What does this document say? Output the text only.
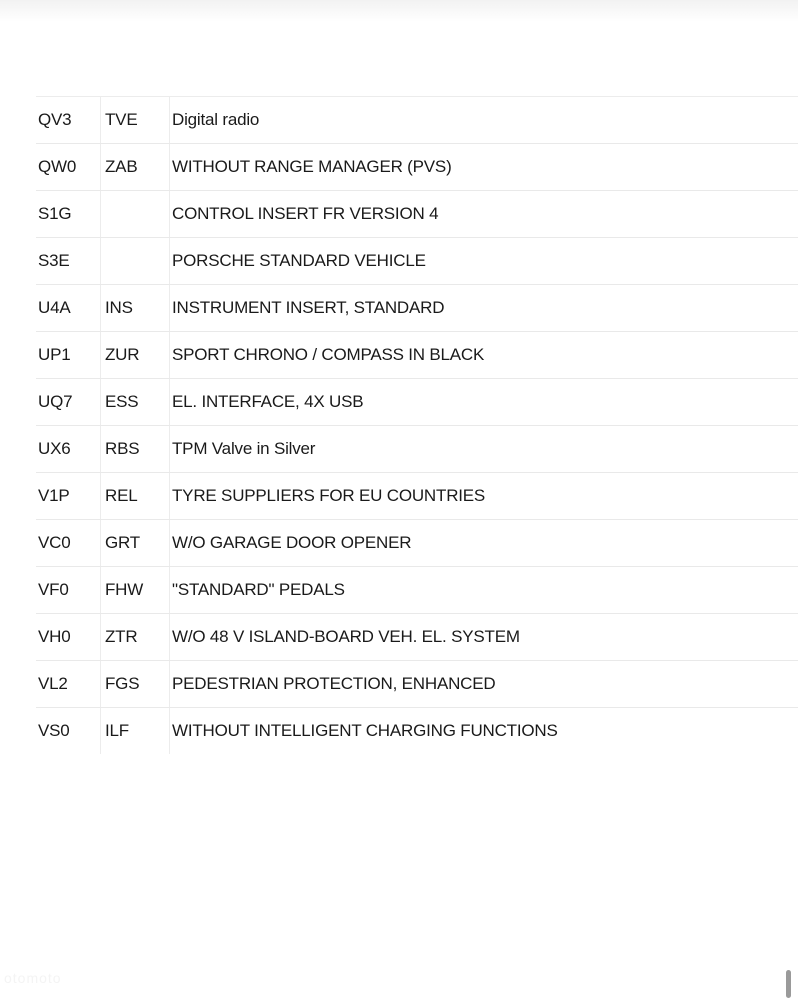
QV3	TVE	Digital radio
QW0	ZAB	WITHOUT RANGE MANAGER (PVS)
S1G		CONTROL INSERT FR VERSION 4
S3E		PORSCHE STANDARD VEHICLE
U4A	INS	INSTRUMENT INSERT, STANDARD
UP1	ZUR	SPORT CHRONO / COMPASS IN BLACK
UQ7	ESS	EL. INTERFACE, 4X USB
UX6	RBS	TPM Valve in Silver
V1P	REL	TYRE SUPPLIERS FOR EU COUNTRIES
VC0	GRT	W/O GARAGE DOOR OPENER
VF0	FHW	"STANDARD" PEDALS
VH0	ZTR	W/O 48 V ISLAND-BOARD VEH. EL. SYSTEM
VL2	FGS	PEDESTRIAN PROTECTION, ENHANCED
VS0	ILF	WITHOUT INTELLIGENT CHARGING FUNCTIONS
otomoto
